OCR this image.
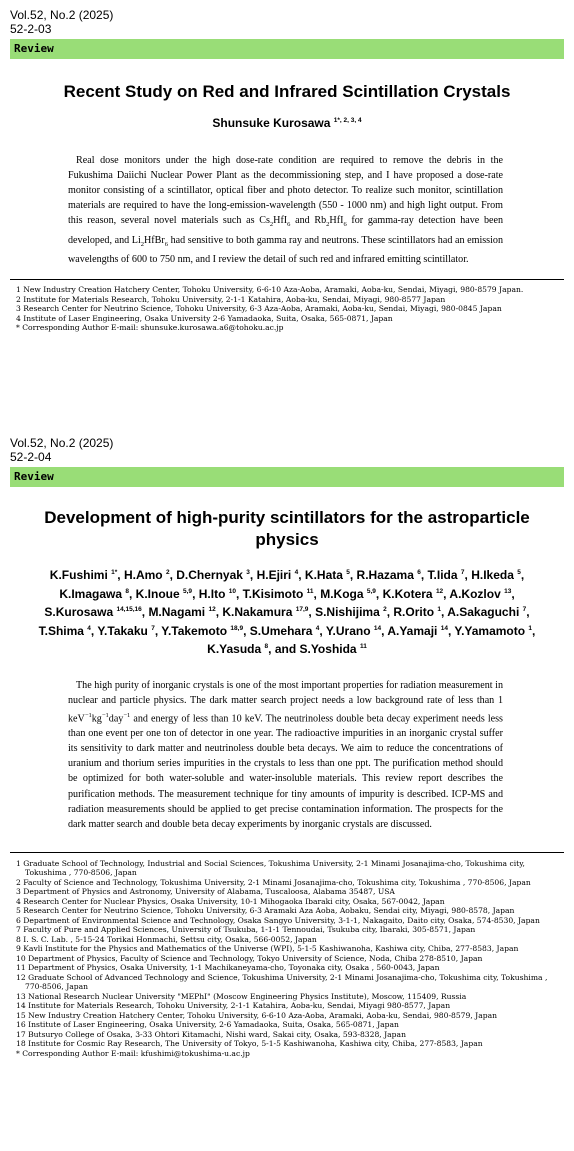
Vol.52, No.2 (2025)
52-2-03
Review
Recent Study on Red and Infrared Scintillation Crystals
Shunsuke Kurosawa $^{1*, 2, 3, 4}$
Real dose monitors under the high dose-rate condition are required to remove the debris in the Fukushima Daiichi Nuclear Power Plant as the decommissioning step, and I have proposed a dose-rate monitor consisting of a scintillator, optical fiber and photo detector. To realize such monitor, scintillation materials are required to have the long-emission-wavelength (550 - 1000 nm) and high light output. From this reason, several novel materials such as $Cs_2HfI_6$ and $Rb_2HfI_6$ for gamma-ray detection have been developed, and $Li_2HfBr_6$ had sensitive to both gamma ray and neutrons. These scintillators had an emission wavelengths of 600 to 750 nm, and I review the detail of such red and infrared emitting scintillator.
1 New Industry Creation Hatchery Center, Tohoku University, 6-6-10 Aza-Aoba, Aramaki, Aoba-ku, Sendai, Miyagi, 980-8579 Japan.
2 Institute for Materials Research, Tohoku University, 2-1-1 Katahira, Aoba-ku, Sendai, Miyagi, 980-8577 Japan
3 Research Center for Neutrino Science, Tohoku University, 6-3 Aza-Aoba, Aramaki, Aoba-ku, Sendai, Miyagi, 980-0845 Japan
4 Institute of Laser Engineering, Osaka University 2-6 Yamadaoka, Suita, Osaka, 565-0871, Japan
* Corresponding Author E-mail: shunsuke.kurosawa.a6@tohoku.ac.jp
Vol.52, No.2 (2025)
52-2-04
Review
Development of high-purity scintillators for the astroparticle
physics
K.Fushimi $^{1*}$, H.Amo $^2$, D.Chernyak $^3$, H.Ejiri $^4$, K.Hata $^5$, R.Hazama $^6$, T.Iida $^7$, H.Ikeda $^5$, K.Imagawa $^8$, K.Inoue $^{5,9}$, H.Ito $^{10}$, T.Kisimoto $^{11}$, M.Koga $^{5,9}$, K.Kotera $^{12}$, A.Kozlov $^{13}$, S.Kurosawa $^{14,15,16}$, M.Nagami $^{12}$, K.Nakamura $^{17,9}$, S.Nishijima $^2$, R.Orito $^1$, A.Sakaguchi $^7$, T.Shima $^4$, Y.Takaku $^7$, Y.Takemoto $^{18,9}$, S.Umehara $^4$, Y.Urano $^{14}$, A.Yamaji $^{14}$, Y.Yamamoto $^1$, K.Yasuda $^8$, and S.Yoshida $^{11}$
The high purity of inorganic crystals is one of the most important properties for radiation measurement in nuclear and particle physics. The dark matter search project needs a low background rate of less than 1 $keV^{-1}kg^{-1}day^{-1}$ and energy of less than 10 keV. The neutrinoless double beta decay experiment needs less than one event per one ton of detector in one year. The radioactive impurities in an inorganic crystal suffer its sensitivity to dark matter and neutrinoless double beta decays. We aim to reduce the concentrations of uranium and thorium series impurities in the crystals to less than one ppt. The purification method should be optimized for both water-soluble and water-insoluble materials. This review report describes the purification methods. The measurement technique for tiny amounts of impurity is described. ICP-MS and radiation measurements should be applied to get precise contamination information. The prospects for the dark matter search and double beta decay experiments by inorganic crystals are discussed.
1 Graduate School of Technology, Industrial and Social Sciences, Tokushima University, 2-1 Minami Josanajima-cho, Tokushima city, Tokushima , 770-8506, Japan
2 Faculty of Science and Technology, Tokushima University, 2-1 Minami Josanajima-cho, Tokushima city, Tokushima , 770-8506, Japan
3 Department of Physics and Astronomy, University of Alabama, Tuscaloosa, Alabama 35487, USA
4 Research Center for Nuclear Physics, Osaka University, 10-1 Mihogaoka Ibaraki city, Osaka, 567-0042, Japan
5 Research Center for Neutrino Science, Tohoku University, 6-3 Aramaki Aza Aoba, Aobaku, Sendai city, Miyagi, 980-8578, Japan
6 Department of Environmental Science and Technology, Osaka Sangyo University, 3-1-1, Nakagaito, Daito city, Osaka, 574-8530, Japan
7 Faculty of Pure and Applied Sciences, University of Tsukuba, 1-1-1 Tennoudai, Tsukuba city, Ibaraki, 305-8571, Japan
8 I. S. C. Lab. , 5-15-24 Torikai Honmachi, Settsu city, Osaka, 566-0052, Japan
9 Kavli Institute for the Physics and Mathematics of the Universe (WPI), 5-1-5 Kashiwanoha, Kashiwa city, Chiba, 277-8583, Japan
10 Department of Physics, Faculty of Science and Technology, Tokyo University of Science, Noda, Chiba 278-8510, Japan
11 Department of Physics, Osaka University, 1-1 Machikaneyama-cho, Toyonaka city, Osaka , 560-0043, Japan
12 Graduate School of Advanced Technology and Science, Tokushima University, 2-1 Minami Josanajima-cho, Tokushima city, Tokushima , 770-8506, Japan
13 National Research Nuclear University "MEPhI" (Moscow Engineering Physics Institute), Moscow, 115409, Russia
14 Institute for Materials Research, Tohoku University, 2-1-1 Katahira, Aoba-ku, Sendai, Miyagi 980-8577, Japan
15 New Industry Creation Hatchery Center, Tohoku University, 6-6-10 Aza-Aoba, Aramaki, Aoba-ku, Sendai, 980-8579, Japan
16 Institute of Laser Engineering, Osaka University, 2-6 Yamadaoka, Suita, Osaka, 565-0871, Japan
17 Butsuryo College of Osaka, 3-33 Ohtori Kitamachi, Nishi ward, Sakai city, Osaka, 593-8328, Japan
18 Institute for Cosmic Ray Research, The University of Tokyo, 5-1-5 Kashiwanoha, Kashiwa city, Chiba, 277-8583, Japan
* Corresponding Author E-mail: kfushimi@tokushima-u.ac.jp
